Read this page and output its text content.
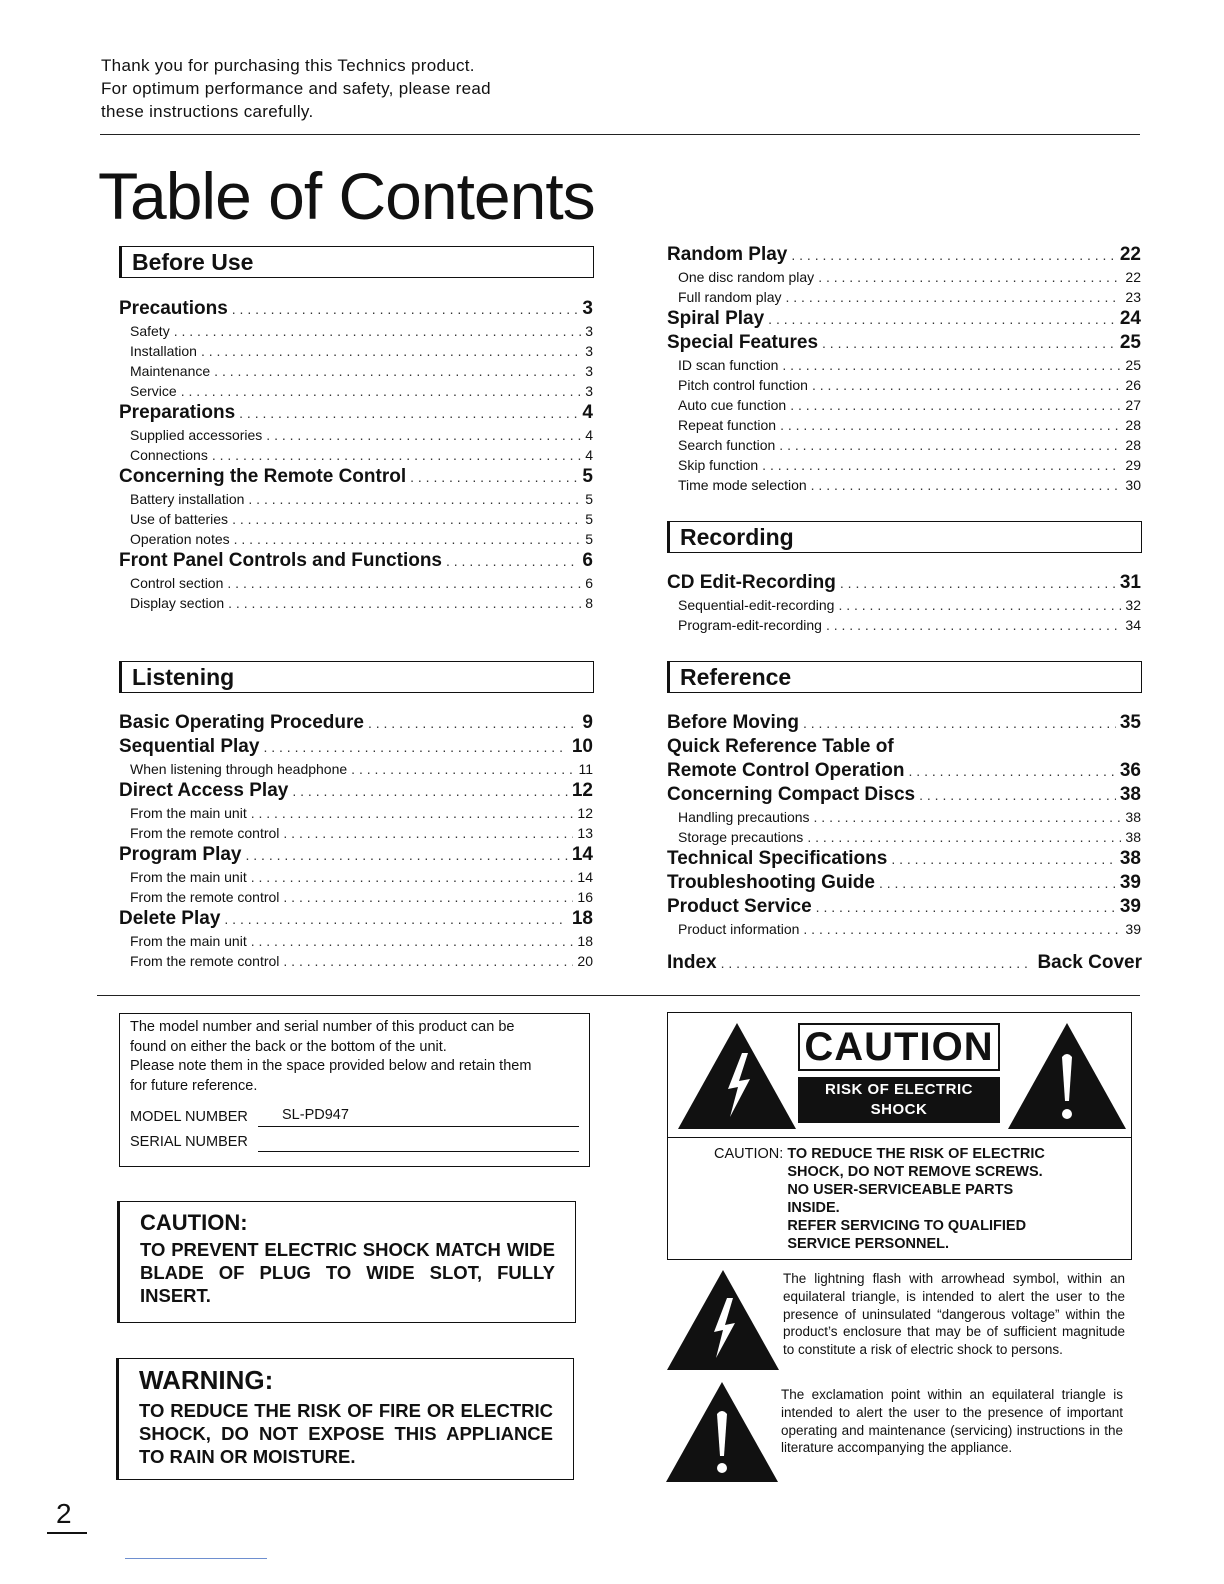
Thank you for purchasing this Technics product.
For optimum performance and safety, please read
these instructions carefully.
Table of Contents
Before Use
Precautions . . .	3
Safety . . .	3
Installation . . .	3
Maintenance . . .	3
Service . . .	3
Preparations . . .	4
Supplied accessories . . .	4
Connections . . .	4
Concerning the Remote Control . . .	5
Battery installation . . .	5
Use of batteries . . .	5
Operation notes . . .	5
Front Panel Controls and Functions . . .	6
Control section . . .	6
Display section . . .	8
Listening
Basic Operating Procedure . . .	9
Sequential Play . . .	10
When listening through headphone . . .	11
Direct Access Play . . .	12
From the main unit . . .	12
From the remote control . . .	13
Program Play . . .	14
From the main unit . . .	14
From the remote control . . .	16
Delete Play . . .	18
From the main unit . . .	18
From the remote control . . .	20
Random Play . . .	22
One disc random play . . .	22
Full random play . . .	23
Spiral Play . . .	24
Special Features . . .	25
ID scan function . . .	25
Pitch control function . . .	26
Auto cue function . . .	27
Repeat function . . .	28
Search function . . .	28
Skip function . . .	29
Time mode selection . . .	30
Recording
CD Edit-Recording . . .	31
Sequential-edit-recording . . .	32
Program-edit-recording . . .	34
Reference
Before Moving . . .	35
Quick Reference Table of
Remote Control Operation . . .	36
Concerning Compact Discs . . .	38
Handling precautions . . .	38
Storage precautions . . .	38
Technical Specifications . . .	38
Troubleshooting Guide . . .	39
Product Service . . .	39
Product information . . .	39
Index . . .	Back Cover
The model number and serial number of this product can be
found on either the back or the bottom of the unit.
Please note them in the space provided below and retain them
for future reference.
MODEL NUMBER	SL-PD947
SERIAL NUMBER
CAUTION:
TO PREVENT ELECTRIC SHOCK MATCH WIDE BLADE OF PLUG TO WIDE SLOT, FULLY INSERT.
WARNING:
TO REDUCE THE RISK OF FIRE OR ELECTRIC SHOCK, DO NOT EXPOSE THIS APPLIANCE TO RAIN OR MOISTURE.
CAUTION
RISK OF ELECTRIC SHOCK
DO NOT OPEN
CAUTION: TO REDUCE THE RISK OF ELECTRIC
SHOCK, DO NOT REMOVE SCREWS.
NO USER-SERVICEABLE PARTS
INSIDE.
REFER SERVICING TO QUALIFIED
SERVICE PERSONNEL.
The lightning flash with arrowhead symbol, within an equilateral triangle, is intended to alert the user to the presence of uninsulated “dangerous voltage” within the product’s enclosure that may be of sufficient magnitude to constitute a risk of electric shock to persons.
The exclamation point within an equilateral triangle is intended to alert the user to the presence of important operating and maintenance (servicing) instructions in the literature accompanying the appliance.
2
